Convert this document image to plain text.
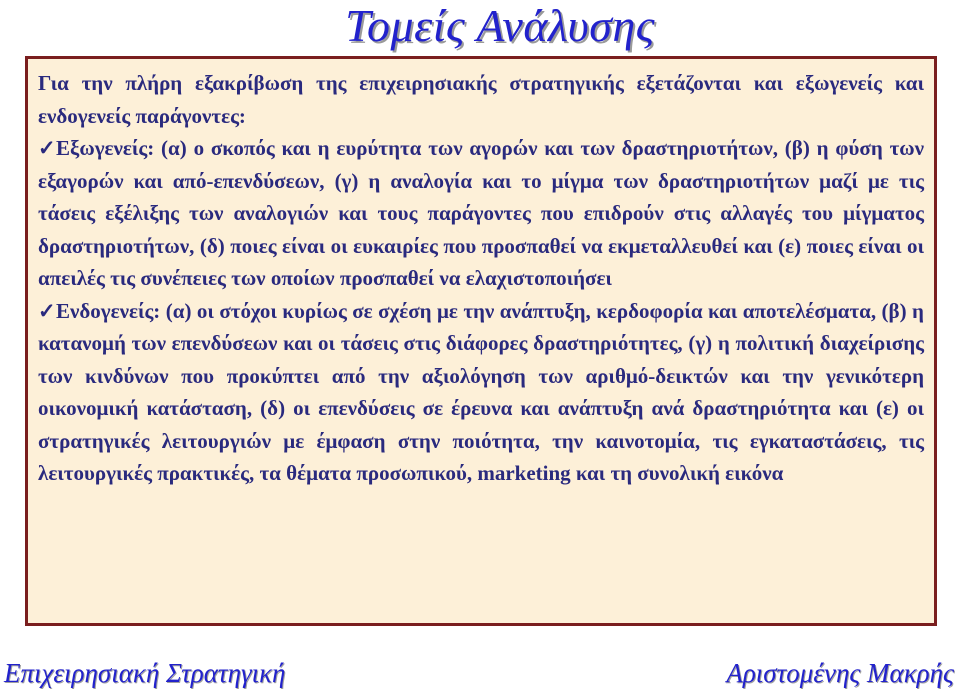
Τομείς Ανάλυσης

Για την πλήρη εξακρίβωση της επιχειρησιακής στρατηγικής εξετάζονται και εξωγενείς και ενδογενείς παράγοντες:

✓Εξωγενείς: (α) ο σκοπός και η ευρύτητα των αγορών και των δραστηριοτήτων, (β) η φύση των εξαγορών και από-επενδύσεων, (γ) η αναλογία και το μίγμα των δραστηριοτήτων μαζί με τις τάσεις εξέλιξης των αναλογιών και τους παράγοντες που επιδρούν στις αλλαγές του μίγματος δραστηριοτήτων, (δ) ποιες είναι οι ευκαιρίες που προσπαθεί να εκμεταλλευθεί και (ε) ποιες είναι οι απειλές τις συνέπειες των οποίων προσπαθεί να ελαχιστοποιήσει

✓Ενδογενείς: (α) οι στόχοι κυρίως σε σχέση με την ανάπτυξη, κερδοφορία και αποτελέσματα, (β) η κατανομή των επενδύσεων και οι τάσεις στις διάφορες δραστηριότητες, (γ) η πολιτική διαχείρισης των κινδύνων που προκύπτει από την αξιολόγηση των αριθμό-δεικτών και την γενικότερη οικονομική κατάσταση, (δ) οι επενδύσεις σε έρευνα και ανάπτυξη ανά δραστηριότητα και (ε) οι στρατηγικές λειτουργιών με έμφαση στην ποιότητα, την καινοτομία, τις εγκαταστάσεις, τις λειτουργικές πρακτικές, τα θέματα προσωπικού, marketing και τη συνολική εικόνα

Επιχειρησιακή Στρατηγική	Αριστομένης Μακρής
